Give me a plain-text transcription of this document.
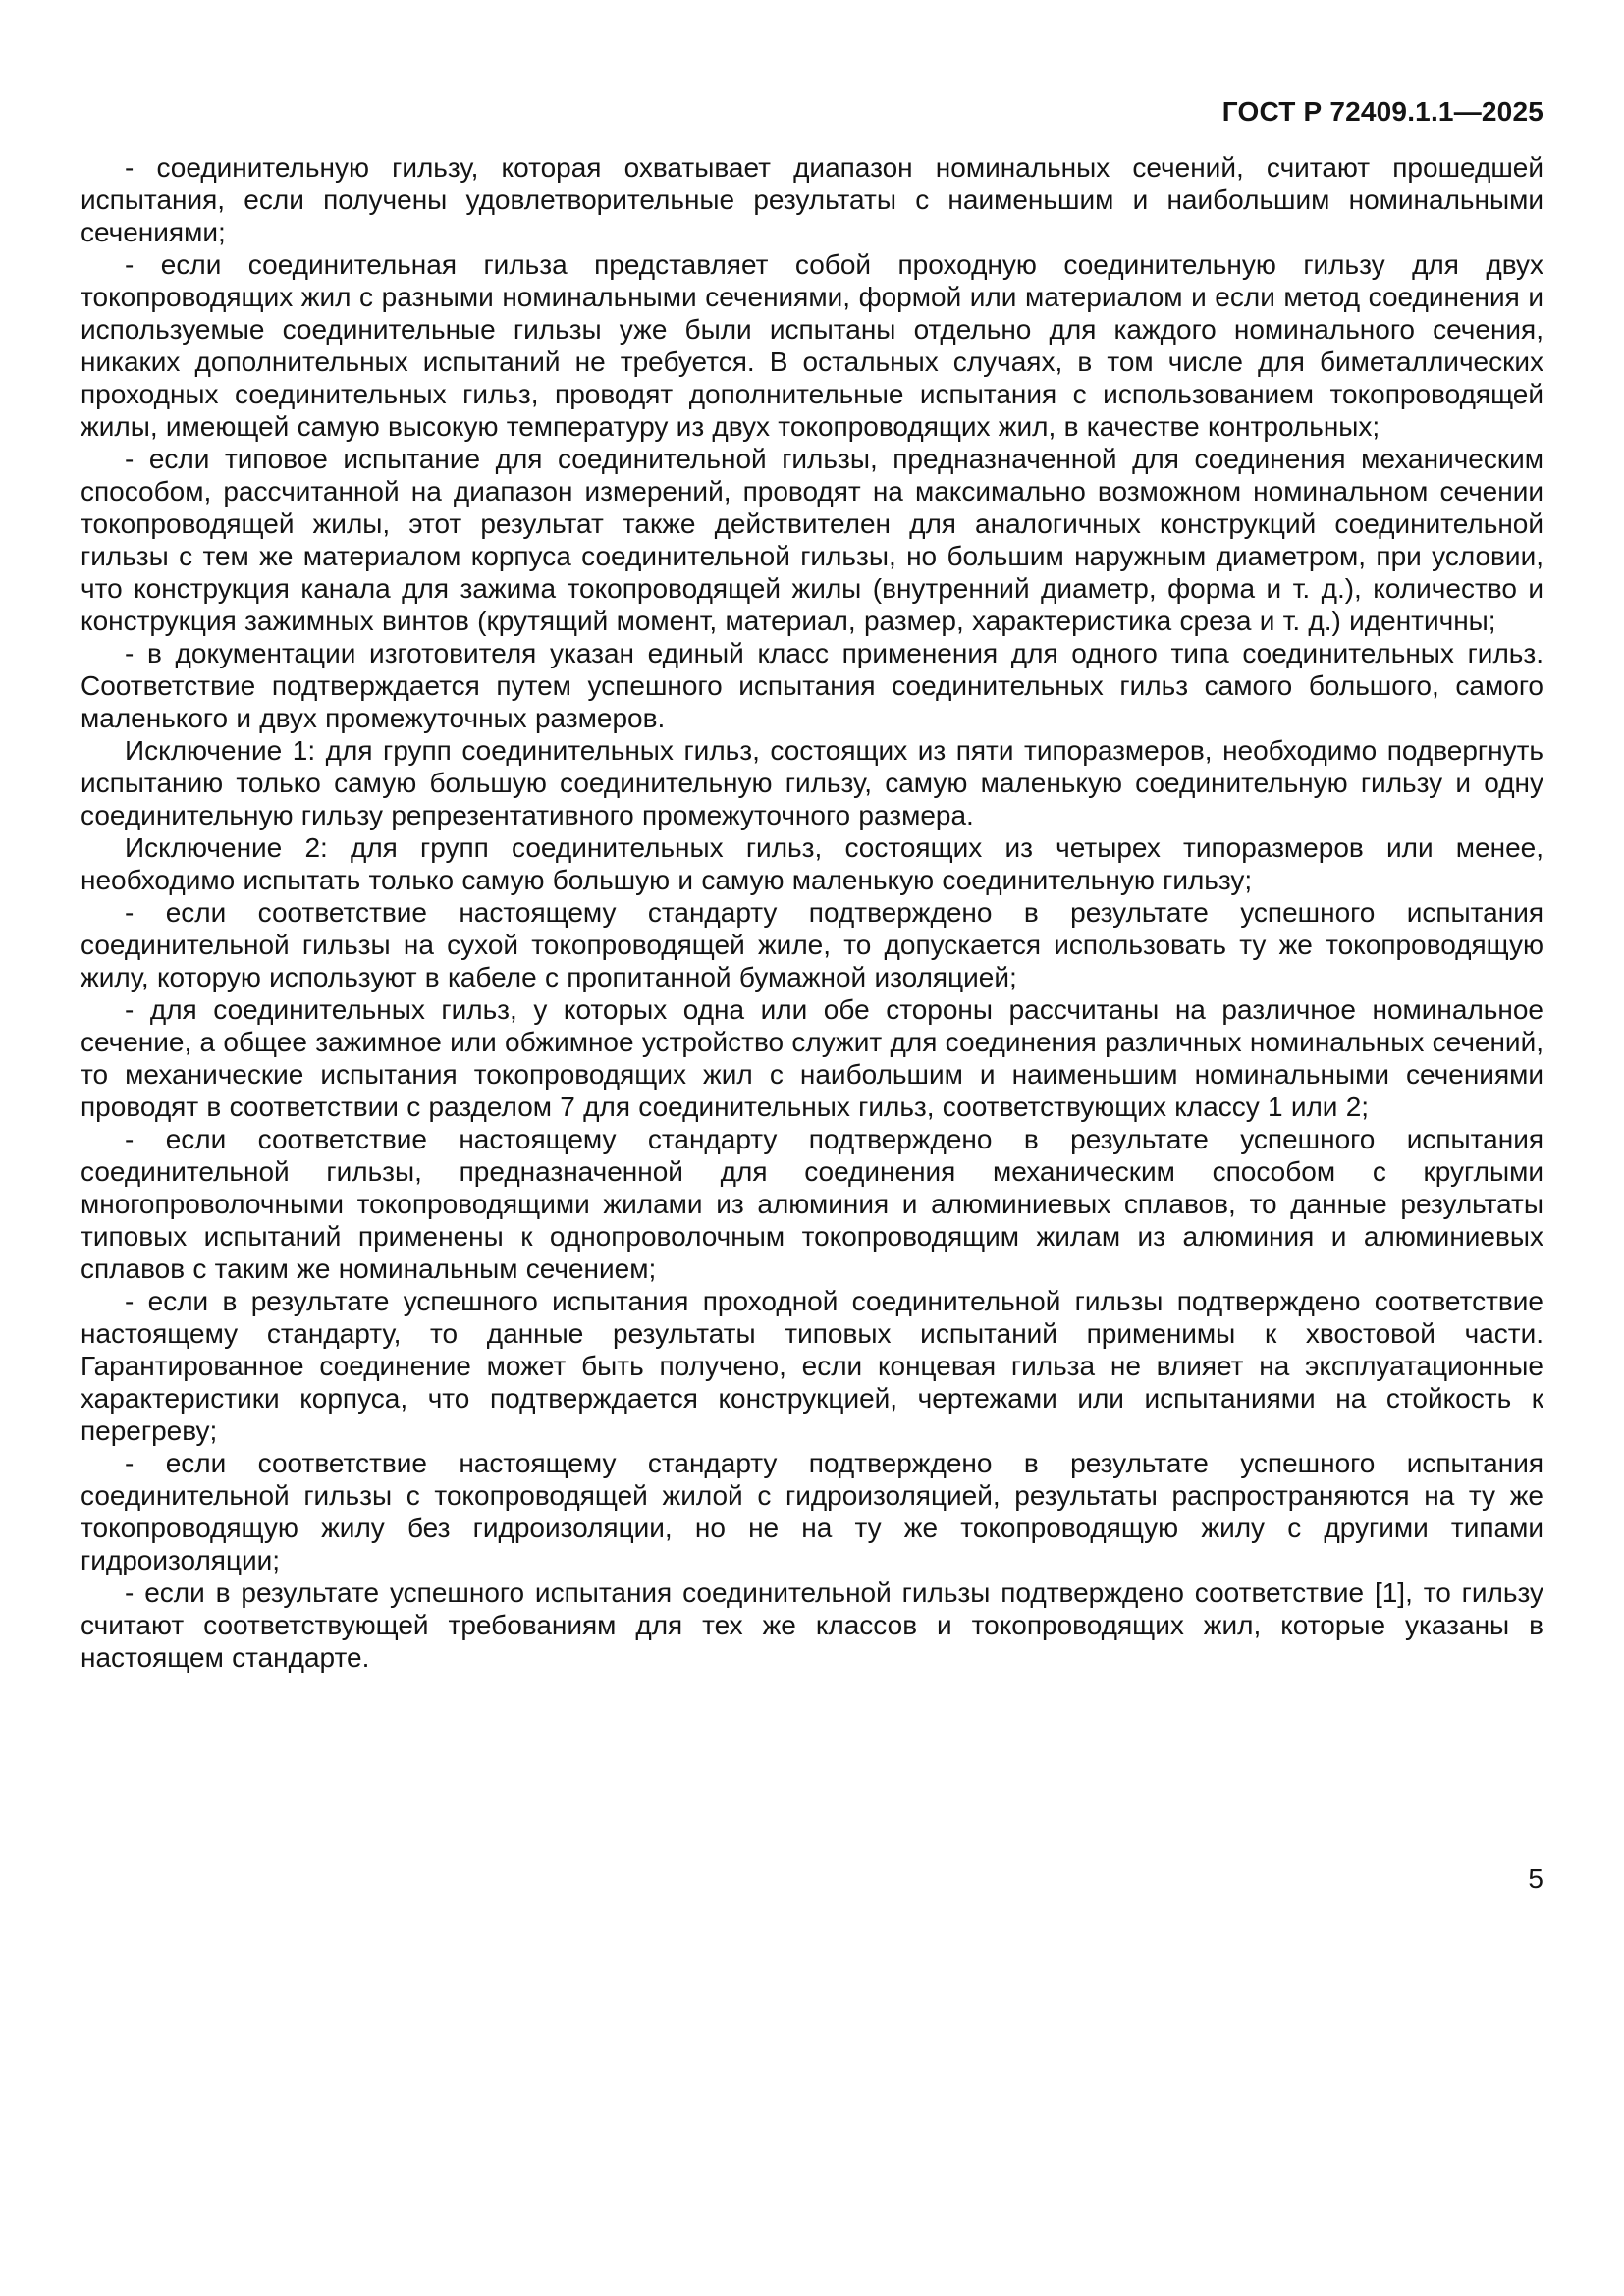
ГОСТ Р 72409.1.1—2025

- соединительную гильзу, которая охватывает диапазон номинальных сечений, считают прошедшей испытания, если получены удовлетворительные результаты с наименьшим и наибольшим номинальными сечениями;

- если соединительная гильза представляет собой проходную соединительную гильзу для двух токопроводящих жил с разными номинальными сечениями, формой или материалом и если метод соединения и используемые соединительные гильзы уже были испытаны отдельно для каждого номинального сечения, никаких дополнительных испытаний не требуется. В остальных случаях, в том числе для биметаллических проходных соединительных гильз, проводят дополнительные испытания с использованием токопроводящей жилы, имеющей самую высокую температуру из двух токопроводящих жил, в качестве контрольных;

- если типовое испытание для соединительной гильзы, предназначенной для соединения механическим способом, рассчитанной на диапазон измерений, проводят на максимально возможном номинальном сечении токопроводящей жилы, этот результат также действителен для аналогичных конструкций соединительной гильзы с тем же материалом корпуса соединительной гильзы, но большим наружным диаметром, при условии, что конструкция канала для зажима токопроводящей жилы (внутренний диаметр, форма и т. д.), количество и конструкция зажимных винтов (крутящий момент, материал, размер, характеристика среза и т. д.) идентичны;

- в документации изготовителя указан единый класс применения для одного типа соединительных гильз. Соответствие подтверждается путем успешного испытания соединительных гильз самого большого, самого маленького и двух промежуточных размеров.

Исключение 1: для групп соединительных гильз, состоящих из пяти типоразмеров, необходимо подвергнуть испытанию только самую большую соединительную гильзу, самую маленькую соединительную гильзу и одну соединительную гильзу репрезентативного промежуточного размера.

Исключение 2: для групп соединительных гильз, состоящих из четырех типоразмеров или менее, необходимо испытать только самую большую и самую маленькую соединительную гильзу;

- если соответствие настоящему стандарту подтверждено в результате успешного испытания соединительной гильзы на сухой токопроводящей жиле, то допускается использовать ту же токопроводящую жилу, которую используют в кабеле с пропитанной бумажной изоляцией;

- для соединительных гильз, у которых одна или обе стороны рассчитаны на различное номинальное сечение, а общее зажимное или обжимное устройство служит для соединения различных номинальных сечений, то механические испытания токопроводящих жил с наибольшим и наименьшим номинальными сечениями проводят в соответствии с разделом 7 для соединительных гильз, соответствующих классу 1 или 2;

- если соответствие настоящему стандарту подтверждено в результате успешного испытания соединительной гильзы, предназначенной для соединения механическим способом с круглыми многопроволочными токопроводящими жилами из алюминия и алюминиевых сплавов, то данные результаты типовых испытаний применены к однопроволочным токопроводящим жилам из алюминия и алюминиевых сплавов с таким же номинальным сечением;

- если в результате успешного испытания проходной соединительной гильзы подтверждено соответствие настоящему стандарту, то данные результаты типовых испытаний применимы к хвостовой части. Гарантированное соединение может быть получено, если концевая гильза не влияет на эксплуатационные характеристики корпуса, что подтверждается конструкцией, чертежами или испытаниями на стойкость к перегреву;

- если соответствие настоящему стандарту подтверждено в результате успешного испытания соединительной гильзы с токопроводящей жилой с гидроизоляцией, результаты распространяются на ту же токопроводящую жилу без гидроизоляции, но не на ту же токопроводящую жилу с другими типами гидроизоляции;

- если в результате успешного испытания соединительной гильзы подтверждено соответствие [1], то гильзу считают соответствующей требованиям для тех же классов и токопроводящих жил, которые указаны в настоящем стандарте.

5
